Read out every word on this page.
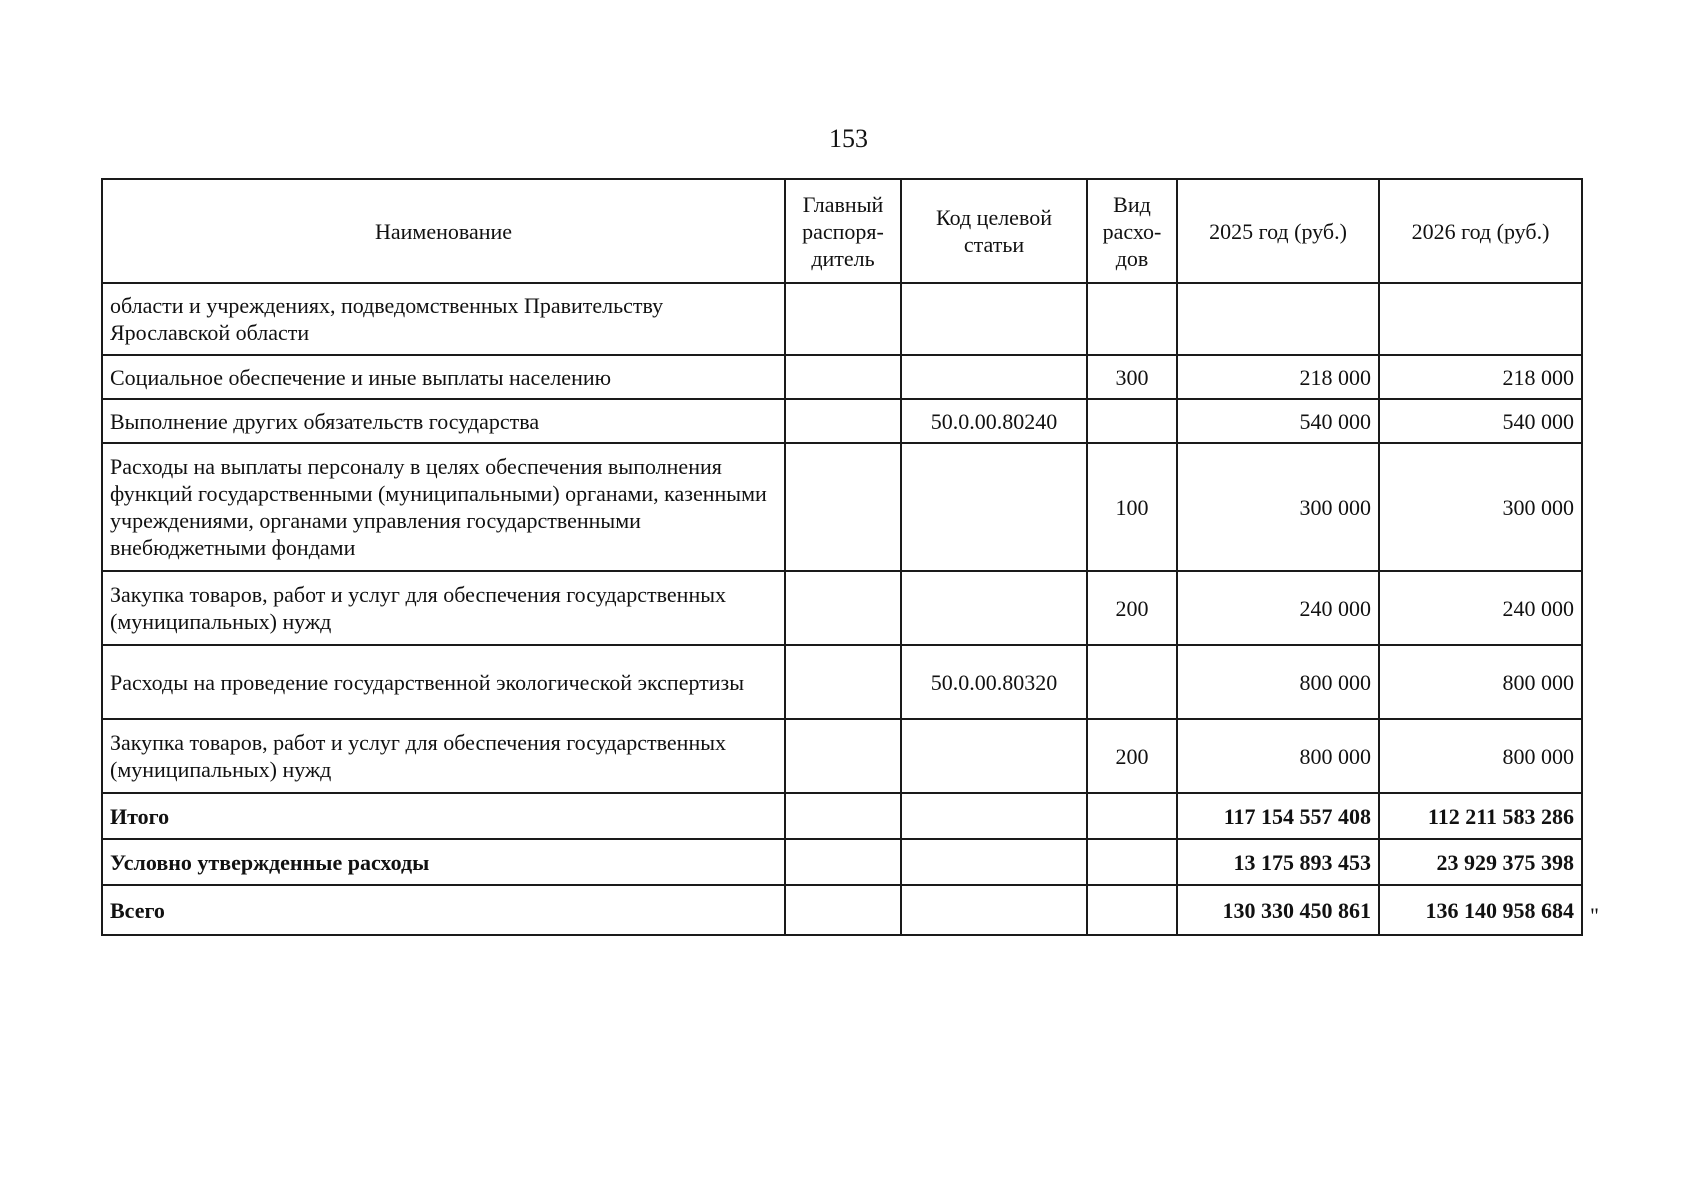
153
Наименование	Главный распоря-дитель	Код целевой статьи	Вид расхо-дов	2025 год (руб.)	2026 год (руб.)
области и учреждениях, подведомственных Правительству Ярославской области					
Социальное обеспечение и иные выплаты населению			300	218 000	218 000
Выполнение других обязательств государства		50.0.00.80240		540 000	540 000
Расходы на выплаты персоналу в целях обеспечения выполнения функций государственными (муниципальными) органами, казенными учреждениями, органами управления государственными внебюджетными фондами			100	300 000	300 000
Закупка товаров, работ и услуг для обеспечения государственных (муниципальных) нужд			200	240 000	240 000
Расходы на проведение государственной экологической экспертизы		50.0.00.80320		800 000	800 000
Закупка товаров, работ и услуг для обеспечения государственных (муниципальных) нужд			200	800 000	800 000
Итого				117 154 557 408	112 211 583 286
Условно утвержденные расходы				13 175 893 453	23 929 375 398
Всего				130 330 450 861	136 140 958 684 "
